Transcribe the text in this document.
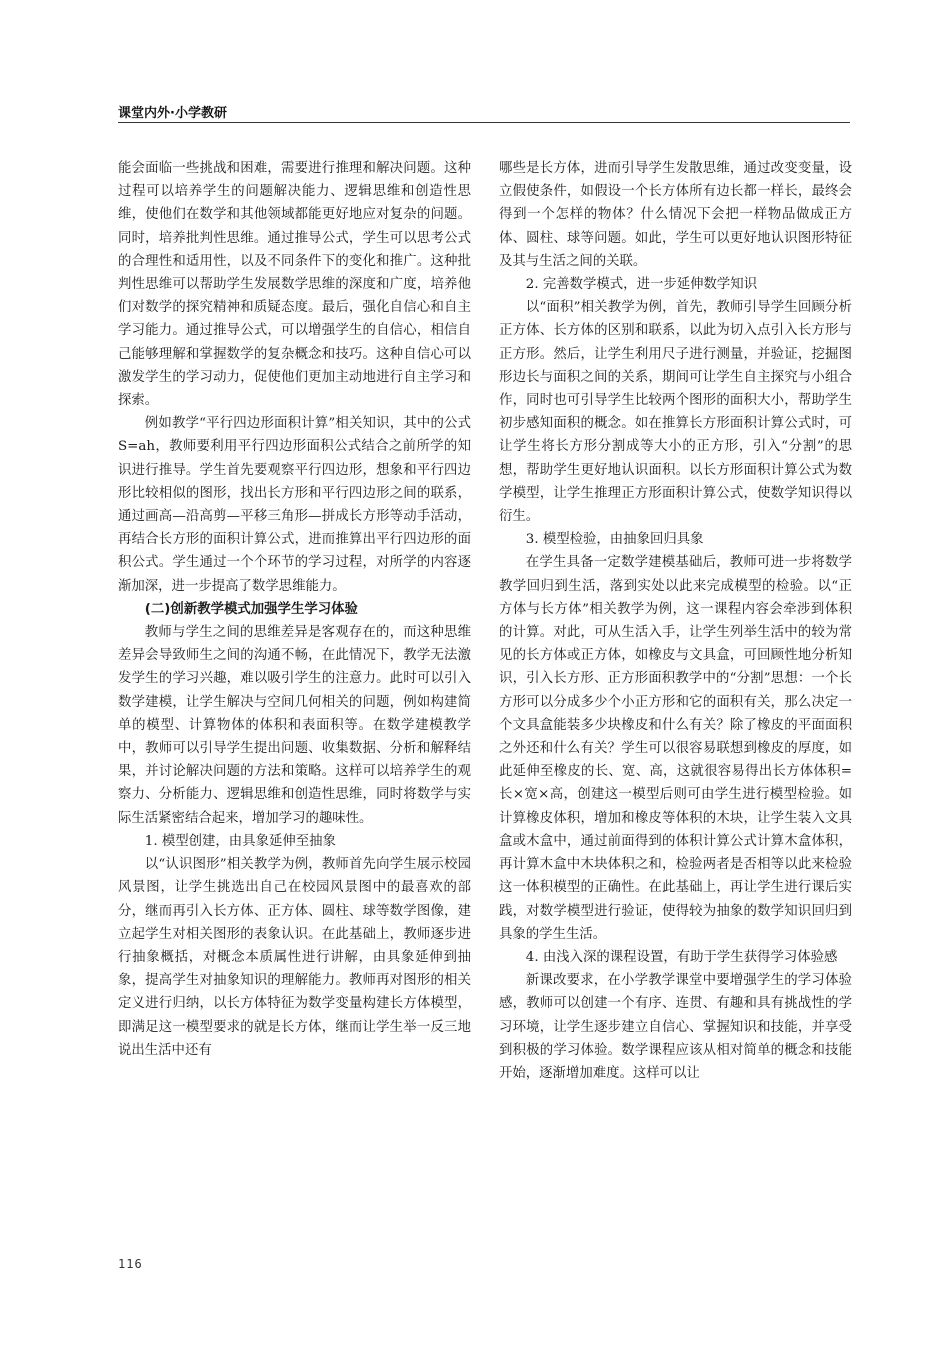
课堂内外·小学教研

能会面临一些挑战和困难，需要进行推理和解决问题。这种过程可以培养学生的问题解决能力、逻辑思维和创造性思维，使他们在数学和其他领域都能更好地应对复杂的问题。同时，培养批判性思维。通过推导公式，学生可以思考公式的合理性和适用性，以及不同条件下的变化和推广。这种批判性思维可以帮助学生发展数学思维的深度和广度，培养他们对数学的探究精神和质疑态度。最后，强化自信心和自主学习能力。通过推导公式，可以增强学生的自信心，相信自己能够理解和掌握数学的复杂概念和技巧。这种自信心可以激发学生的学习动力，促使他们更加主动地进行自主学习和探索。

例如教学“平行四边形面积计算”相关知识，其中的公式S=ah，教师要利用平行四边形面积公式结合之前所学的知识进行推导。学生首先要观察平行四边形，想象和平行四边形比较相似的图形，找出长方形和平行四边形之间的联系，通过画高—沿高剪—平移三角形—拼成长方形等动手活动，再结合长方形的面积计算公式，进而推算出平行四边形的面积公式。学生通过一个个环节的学习过程，对所学的内容逐渐加深，进一步提高了数学思维能力。

(二)创新教学模式加强学生学习体验

教师与学生之间的思维差异是客观存在的，而这种思维差异会导致师生之间的沟通不畅，在此情况下，教学无法激发学生的学习兴趣，难以吸引学生的注意力。此时可以引入数学建模，让学生解决与空间几何相关的问题，例如构建简单的模型、计算物体的体积和表面积等。在数学建模教学中，教师可以引导学生提出问题、收集数据、分析和解释结果，并讨论解决问题的方法和策略。这样可以培养学生的观察力、分析能力、逻辑思维和创造性思维，同时将数学与实际生活紧密结合起来，增加学习的趣味性。

1. 模型创建，由具象延伸至抽象

以“认识图形”相关教学为例，教师首先向学生展示校园风景图，让学生挑选出自己在校园风景图中的最喜欢的部分，继而再引入长方体、正方体、圆柱、球等数学图像，建立起学生对相关图形的表象认识。在此基础上，教师逐步进行抽象概括，对概念本质属性进行讲解，由具象延伸到抽象，提高学生对抽象知识的理解能力。教师再对图形的相关定义进行归纳，以长方体特征为数学变量构建长方体模型，即满足这一模型要求的就是长方体，继而让学生举一反三地说出生活中还有

哪些是长方体，进而引导学生发散思维，通过改变变量，设立假使条件，如假设一个长方体所有边长都一样长，最终会得到一个怎样的物体？什么情况下会把一样物品做成正方体、圆柱、球等问题。如此，学生可以更好地认识图形特征及其与生活之间的关联。

2. 完善数学模式，进一步延伸数学知识

以“面积”相关教学为例，首先，教师引导学生回顾分析正方体、长方体的区别和联系，以此为切入点引入长方形与正方形。然后，让学生利用尺子进行测量，并验证，挖掘图形边长与面积之间的关系，期间可让学生自主探究与小组合作，同时也可引导学生比较两个图形的面积大小，帮助学生初步感知面积的概念。如在推算长方形面积计算公式时，可让学生将长方形分割成等大小的正方形，引入“分割”的思想，帮助学生更好地认识面积。以长方形面积计算公式为数学模型，让学生推理正方形面积计算公式，使数学知识得以衍生。

3. 模型检验，由抽象回归具象

在学生具备一定数学建模基础后，教师可进一步将数学教学回归到生活，落到实处以此来完成模型的检验。以“正方体与长方体”相关教学为例，这一课程内容会牵涉到体积的计算。对此，可从生活入手，让学生列举生活中的较为常见的长方体或正方体，如橡皮与文具盒，可回顾性地分析知识，引入长方形、正方形面积教学中的“分割”思想：一个长方形可以分成多少个小正方形和它的面积有关，那么决定一个文具盒能装多少块橡皮和什么有关？除了橡皮的平面面积之外还和什么有关？学生可以很容易联想到橡皮的厚度，如此延伸至橡皮的长、宽、高，这就很容易得出长方体体积=长×宽×高，创建这一模型后则可由学生进行模型检验。如计算橡皮体积，增加和橡皮等体积的木块，让学生装入文具盒或木盒中，通过前面得到的体积计算公式计算木盒体积，再计算木盒中木块体积之和，检验两者是否相等以此来检验这一体积模型的正确性。在此基础上，再让学生进行课后实践，对数学模型进行验证，使得较为抽象的数学知识回归到具象的学生生活。

4. 由浅入深的课程设置，有助于学生获得学习体验感

新课改要求，在小学教学课堂中要增强学生的学习体验感，教师可以创建一个有序、连贯、有趣和具有挑战性的学习环境，让学生逐步建立自信心、掌握知识和技能，并享受到积极的学习体验。数学课程应该从相对简单的概念和技能开始，逐渐增加难度。这样可以让

116
